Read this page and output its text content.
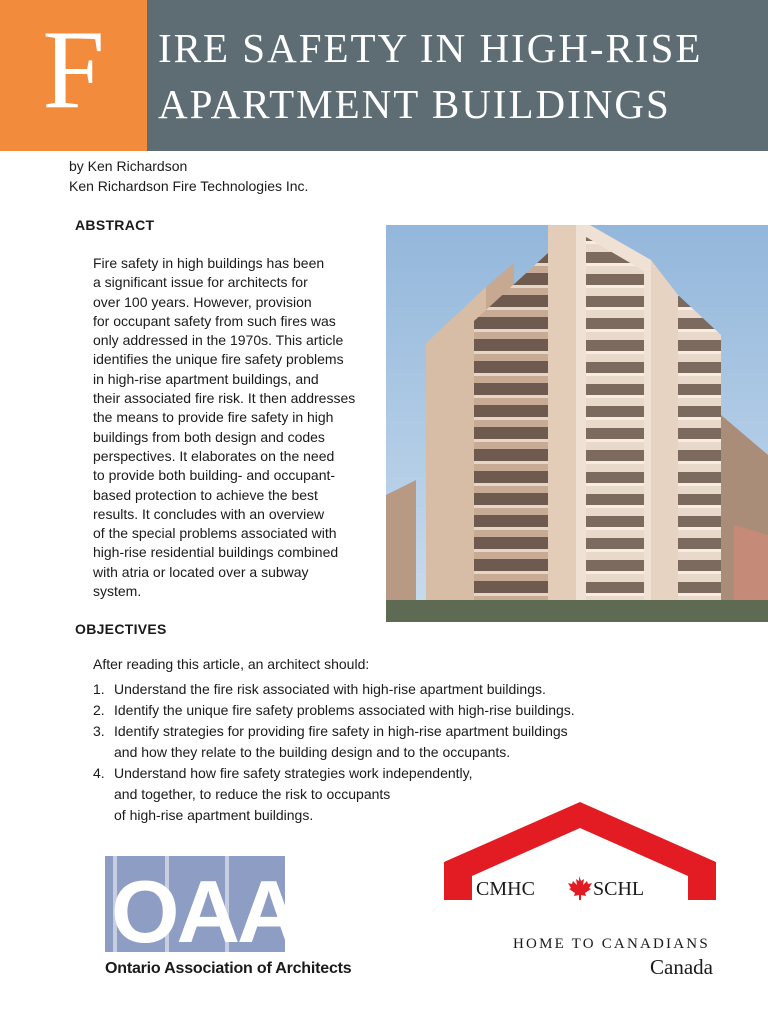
F	IRE SAFETY IN HIGH-RISE
APARTMENT BUILDINGS
by Ken Richardson
Ken Richardson Fire Technologies Inc.
ABSTRACT
Fire safety in high buildings has been
a significant issue for architects for
over 100 years. However, provision
for occupant safety from such fires was
only addressed in the 1970s. This article
identifies the unique fire safety problems
in high-rise apartment buildings, and
their associated fire risk. It then addresses
the means to provide fire safety in high
buildings from both design and codes
perspectives. It elaborates on the need
to provide both building- and occupant-
based protection to achieve the best
results. It concludes with an overview
of the special problems associated with
high-rise residential buildings combined
with atria or located over a subway
system.
OBJECTIVES
After reading this article, an architect should:
1. Understand the fire risk associated with high-rise apartment buildings.
2. Identify the unique fire safety problems associated with high-rise buildings.
3. Identify strategies for providing fire safety in high-rise apartment buildings
and how they relate to the building design and to the occupants.
4. Understand how fire safety strategies work independently,
and together, to reduce the risk to occupants
of high-rise apartment buildings.
OAA
Ontario Association of Architects
CMHC	SCHL
HOME TO CANADIANS
Canada
